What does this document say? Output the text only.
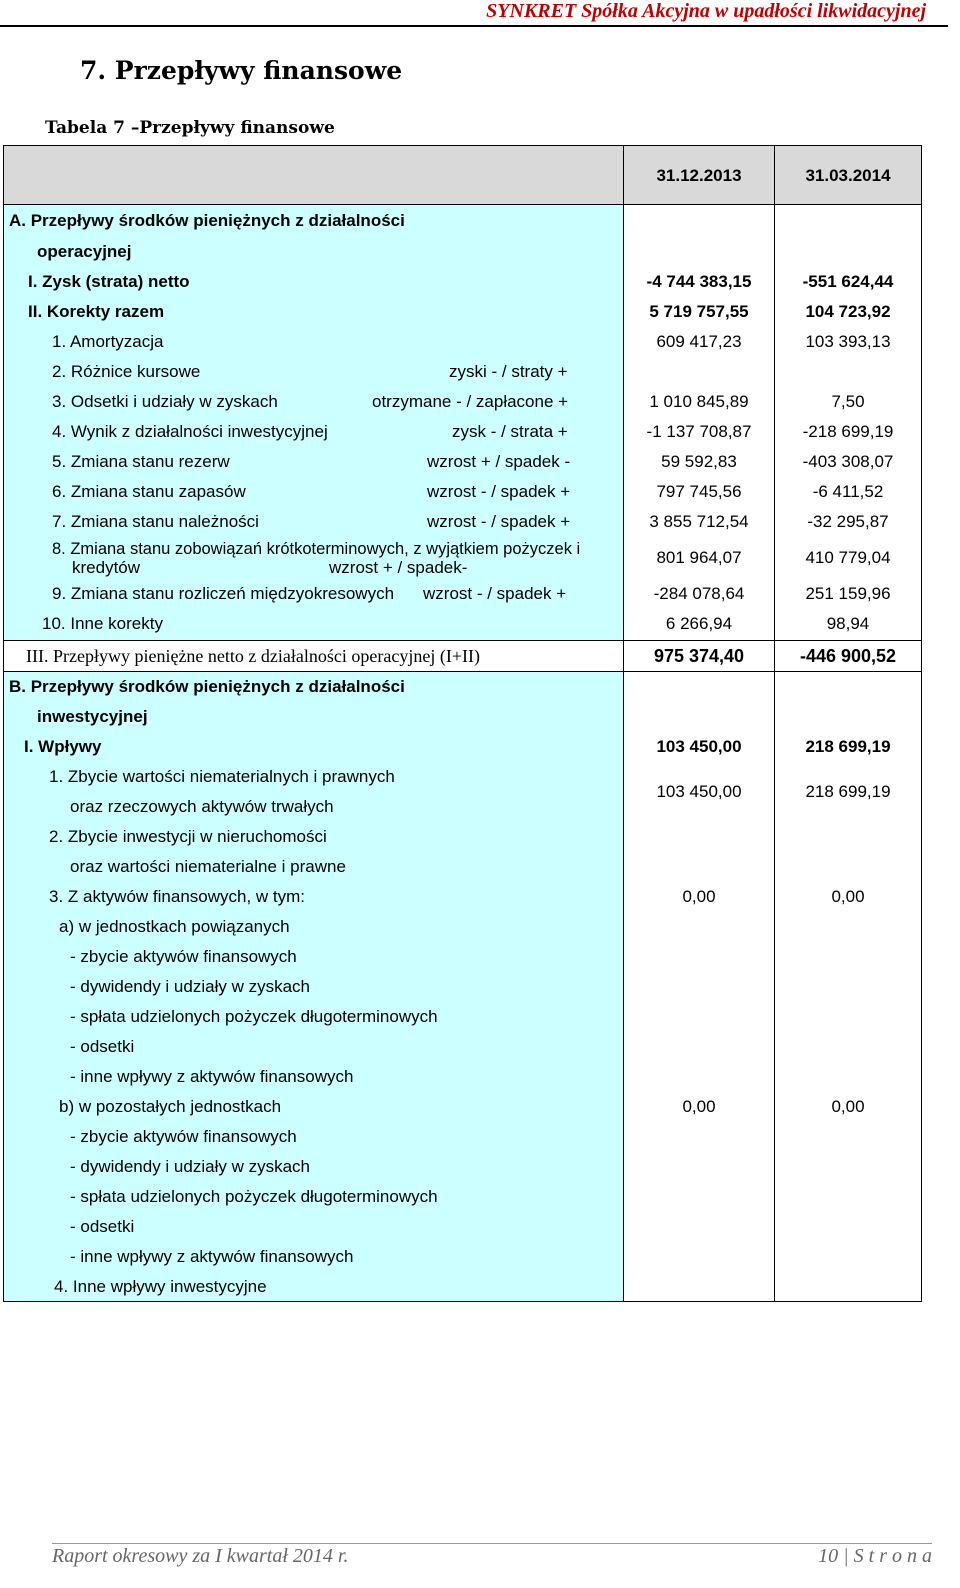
SYNKRET Spółka Akcyjna w upadłości likwidacyjnej
7. Przepływy finansowe
Tabela 7 –Przepływy finansowe
31.12.2013	31.03.2014
A. Przepływy środków pieniężnych z działalności
operacyjnej
I. Zysk (strata) netto	-4 744 383,15	-551 624,44
II. Korekty razem	5 719 757,55	104 723,92
1. Amortyzacja	609 417,23	103 393,13
2. Różnice kursowe	zyski - / straty +
3. Odsetki i udziały w zyskach	otrzymane - / zapłacone +	1 010 845,89	7,50
4. Wynik z działalności inwestycyjnej	zysk - / strata +	-1 137 708,87	-218 699,19
5. Zmiana stanu rezerw	wzrost + / spadek -	59 592,83	-403 308,07
6. Zmiana stanu zapasów	wzrost - / spadek +	797 745,56	-6 411,52
7. Zmiana stanu należności	wzrost - / spadek +	3 855 712,54	-32 295,87
8. Zmiana stanu zobowiązań krótkoterminowych, z wyjątkiem pożyczek i
kredytów	wzrost + / spadek-
801 964,07	410 779,04
9. Zmiana stanu rozliczeń międzyokresowych wzrost - / spadek +	-284 078,64	251 159,96
10. Inne korekty	6 266,94	98,94
III. Przepływy pieniężne netto z działalności operacyjnej (I+II)	975 374,40	-446 900,52
B. Przepływy środków pieniężnych z działalności
inwestycyjnej
I. Wpływy	103 450,00	218 699,19
1. Zbycie wartości niematerialnych i prawnych
oraz rzeczowych aktywów trwałych
103 450,00	218 699,19
2. Zbycie inwestycji w nieruchomości
oraz wartości niematerialne i prawne
3. Z aktywów finansowych, w tym:	0,00	0,00
a) w jednostkach powiązanych
- zbycie aktywów finansowych
- dywidendy i udziały w zyskach
- spłata udzielonych pożyczek długoterminowych
- odsetki
- inne wpływy z aktywów finansowych
b) w pozostałych jednostkach	0,00	0,00
- zbycie aktywów finansowych
- dywidendy i udziały w zyskach
- spłata udzielonych pożyczek długoterminowych
- odsetki
- inne wpływy z aktywów finansowych
4. Inne wpływy inwestycyjne
Raport okresowy za I kwartał 2014 r.	10 | S t r o n a
